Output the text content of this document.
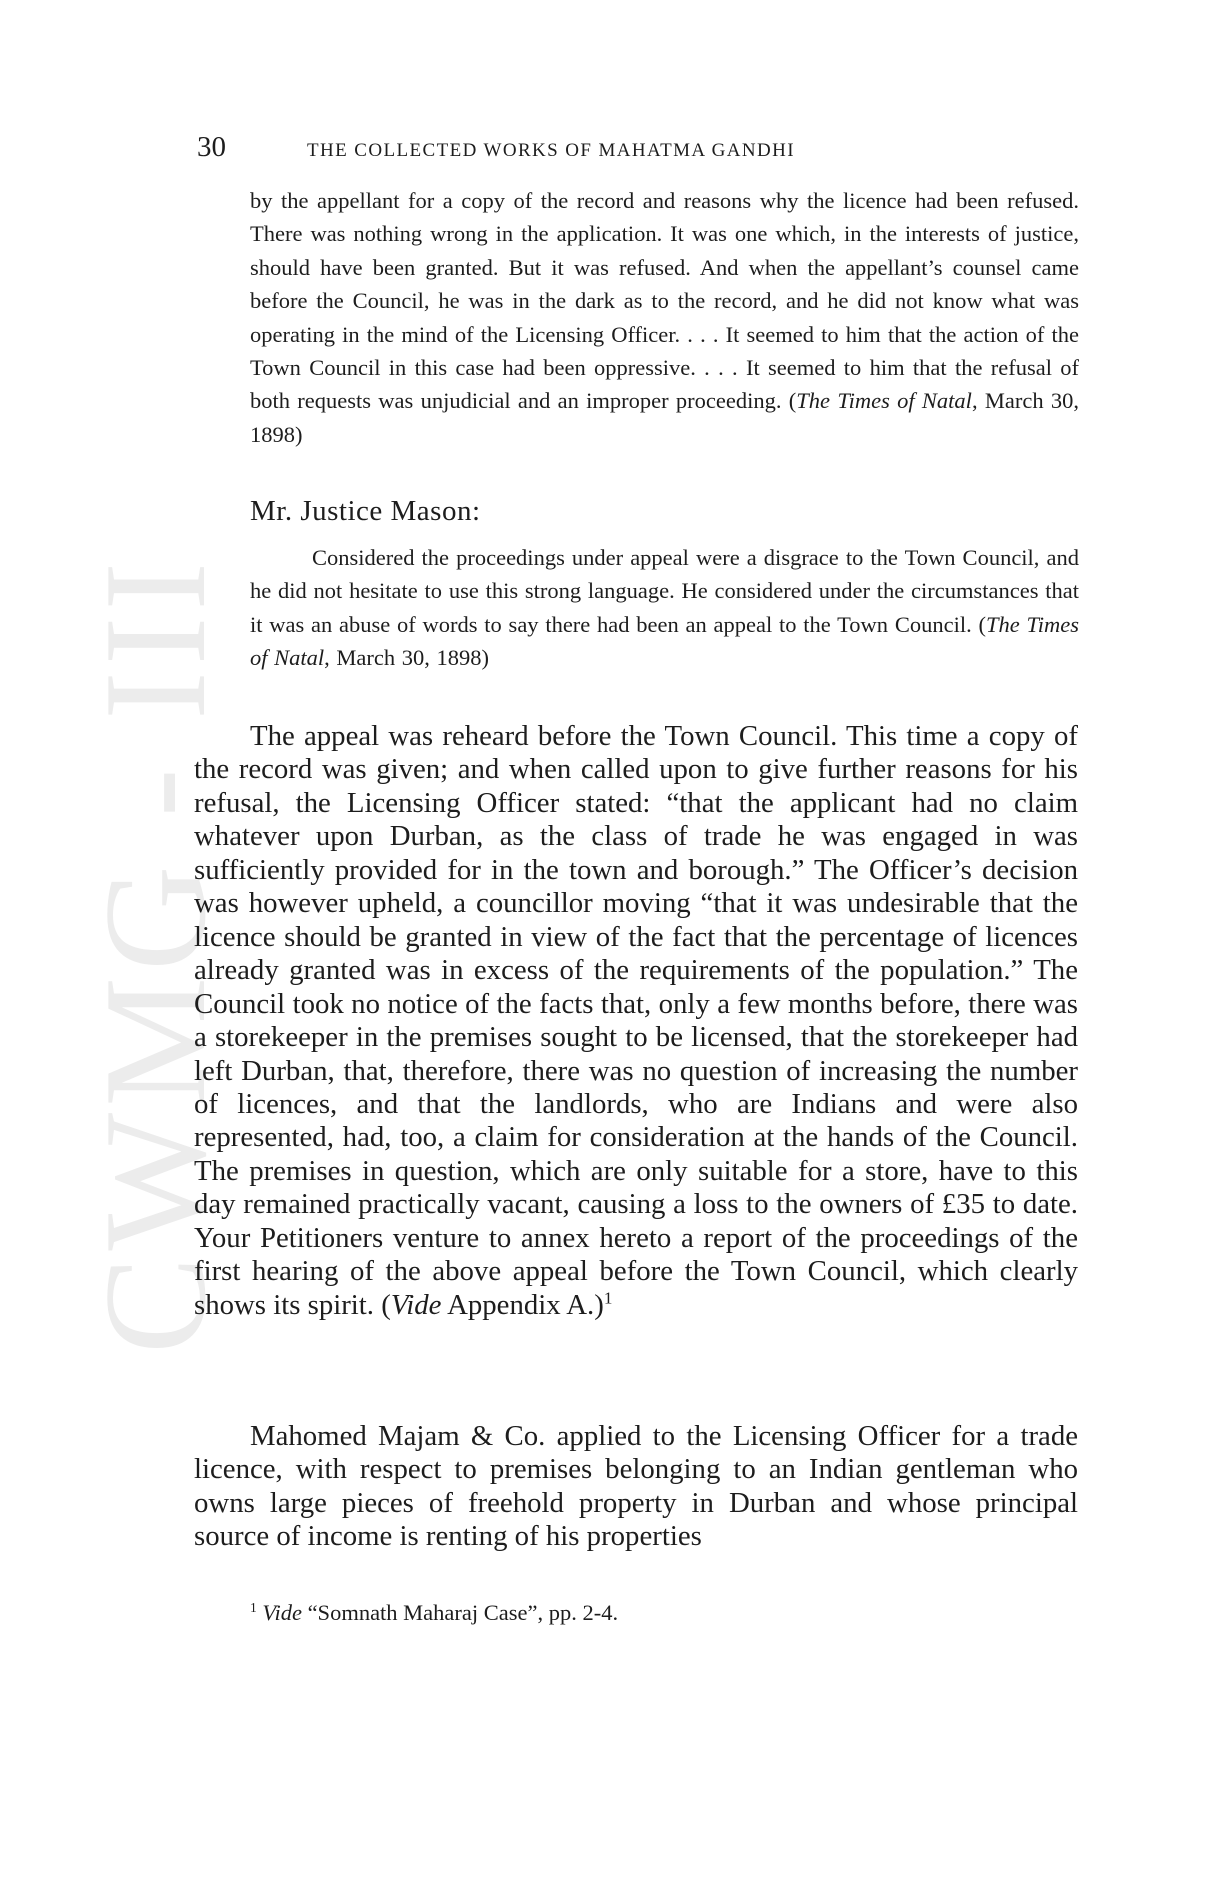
CWMG - III
30	THE COLLECTED WORKS OF MAHATMA GANDHI

by the appellant for a copy of the record and reasons why the licence had been refused. There was nothing wrong in the application. It was one which, in the interests of justice, should have been granted. But it was refused. And when the appellant’s counsel came before the Council, he was in the dark as to the record, and he did not know what was operating in the mind of the Licensing Officer. . . . It seemed to him that the action of the Town Council in this case had been oppressive. . . . It seemed to him that the refusal of both requests was unjudicial and an improper proceeding. (The Times of Natal, March 30, 1898)

Mr. Justice Mason:

Considered the proceedings under appeal were a disgrace to the Town Council, and he did not hesitate to use this strong language. He considered under the circumstances that it was an abuse of words to say there had been an appeal to the Town Council. (The Times of Natal, March 30, 1898)

The appeal was reheard before the Town Council. This time a copy of the record was given; and when called upon to give further reasons for his refusal, the Licensing Officer stated: “that the applicant had no claim whatever upon Durban, as the class of trade he was engaged in was sufficiently provided for in the town and borough.” The Officer’s decision was however upheld, a councillor moving “that it was undesirable that the licence should be granted in view of the fact that the percentage of licences already granted was in excess of the requirements of the population.” The Council took no notice of the facts that, only a few months before, there was a storekeeper in the premises sought to be licensed, that the storekeeper had left Durban, that, therefore, there was no question of increasing the number of licences, and that the landlords, who are Indians and were also represented, had, too, a claim for consideration at the hands of the Council. The premises in question, which are only suitable for a store, have to this day remained practically vacant, causing a loss to the owners of £35 to date. Your Petitioners venture to annex hereto a report of the proceedings of the first hearing of the above appeal before the Town Council, which clearly shows its spirit. (Vide Appendix A.)$^1$

Mahomed Majam & Co. applied to the Licensing Officer for a trade licence, with respect to premises belonging to an Indian gentleman who owns large pieces of freehold property in Durban and whose principal source of income is renting of his properties

$^1$ Vide “Somnath Maharaj Case”, pp. 2-4.
